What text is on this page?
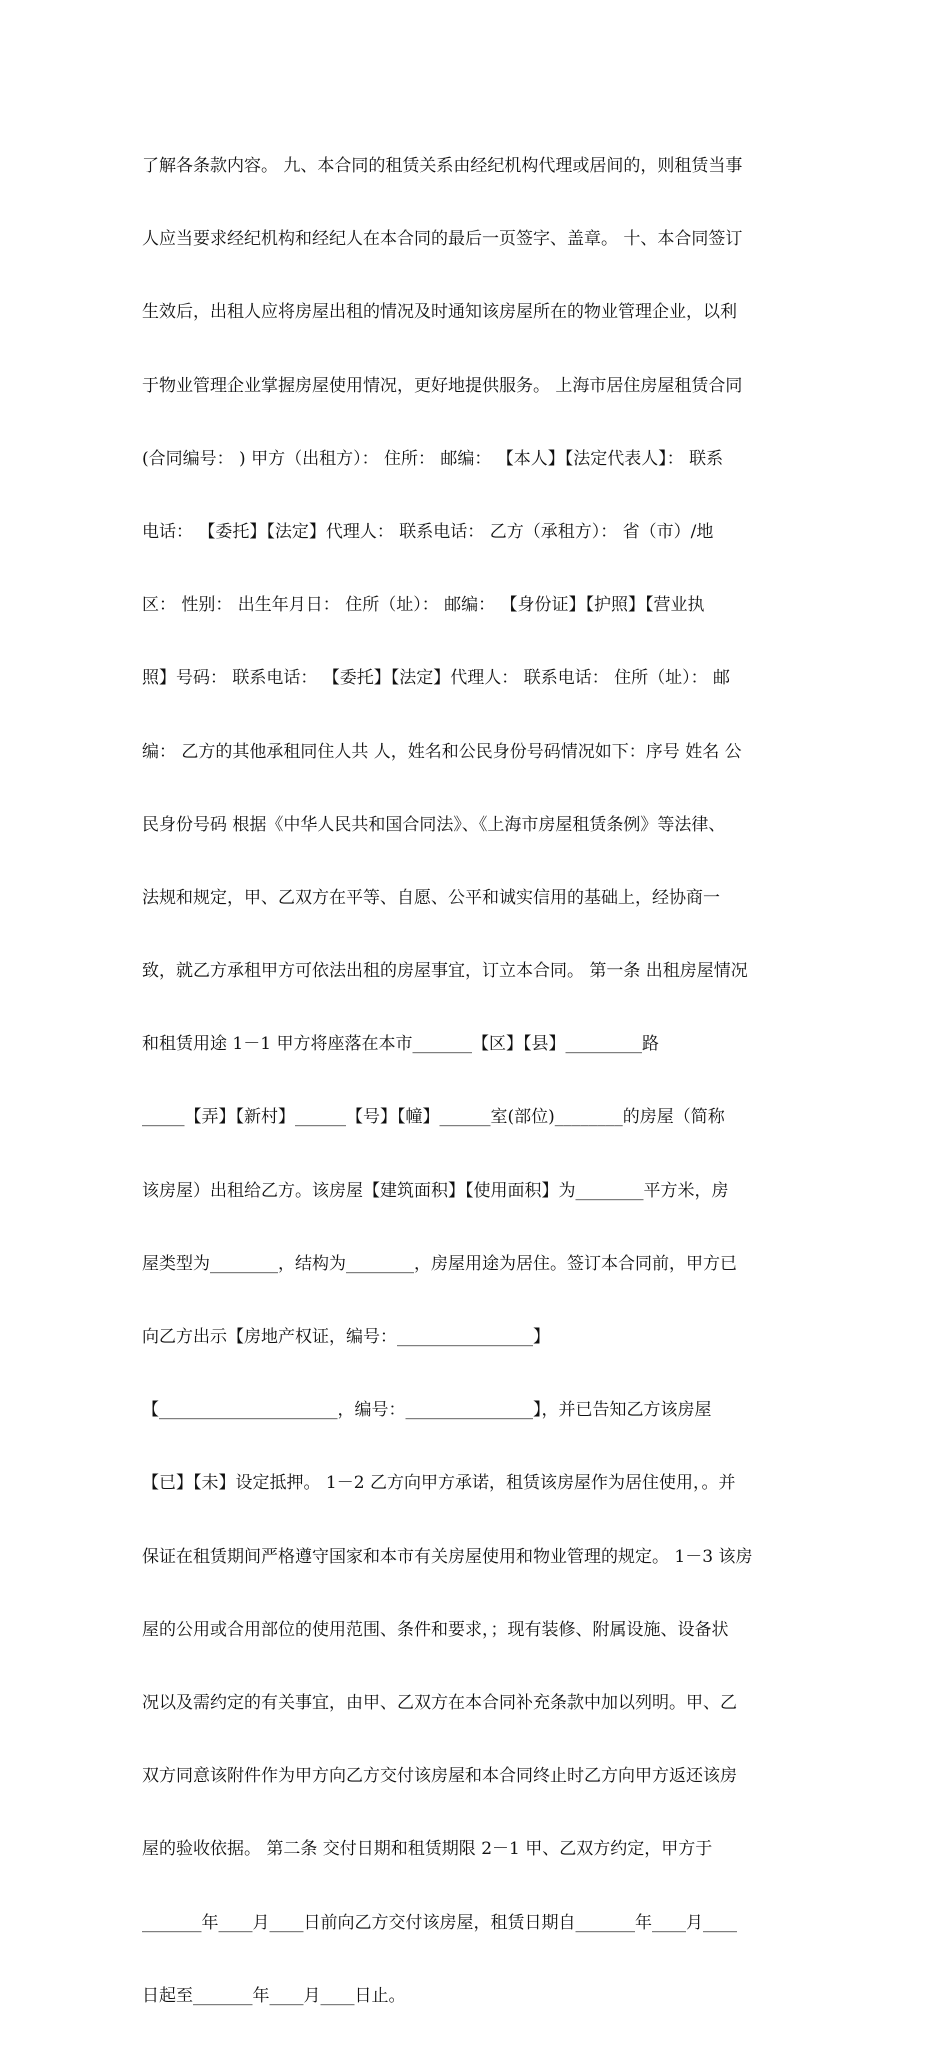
了解各条款内容。 九、本合同的租赁关系由经纪机构代理或居间的，则租赁当事

人应当要求经纪机构和经纪人在本合同的最后一页签字、盖章。 十、本合同签订

生效后，出租人应将房屋出租的情况及时通知该房屋所在的物业管理企业，以利

于物业管理企业掌握房屋使用情况，更好地提供服务。 上海市居住房屋租赁合同

(合同编号： ) 甲方（出租方）： 住所： 邮编： 【本人】【法定代表人】： 联系

电话： 【委托】【法定】代理人： 联系电话： 乙方（承租方）： 省（市）/地

区： 性别： 出生年月日： 住所（址）： 邮编： 【身份证】【护照】【营业执

照】号码： 联系电话： 【委托】【法定】代理人： 联系电话： 住所（址）： 邮

编： 乙方的其他承租同住人共 人，姓名和公民身份号码情况如下：序号 姓名 公

民身份号码 根据《中华人民共和国合同法》、《上海市房屋租赁条例》等法律、

法规和规定，甲、乙双方在平等、自愿、公平和诚实信用的基础上，经协商一

致，就乙方承租甲方可依法出租的房屋事宜，订立本合同。 第一条 出租房屋情况

和租赁用途 1－1 甲方将座落在本市_______【区】【县】_________路

_____【弄】【新村】______【号】【幢】______室(部位)________的房屋（简称

该房屋）出租给乙方。该房屋【建筑面积】【使用面积】为________平方米，房

屋类型为________，结构为________，房屋用途为居住。签订本合同前，甲方已

向乙方出示【房地产权证，编号：________________】

【_____________________，编号：_______________】，并已告知乙方该房屋

【已】【未】设定抵押。 1－2 乙方向甲方承诺，租赁该房屋作为居住使用，。并

保证在租赁期间严格遵守国家和本市有关房屋使用和物业管理的规定。 1－3 该房

屋的公用或合用部位的使用范围、条件和要求，；现有装修、附属设施、设备状

况以及需约定的有关事宜，由甲、乙双方在本合同补充条款中加以列明。甲、乙

双方同意该附件作为甲方向乙方交付该房屋和本合同终止时乙方向甲方返还该房

屋的验收依据。 第二条 交付日期和租赁期限 2－1 甲、乙双方约定，甲方于

_______年____月____日前向乙方交付该房屋，租赁日期自_______年____月____

日起至_______年____月____日止。
